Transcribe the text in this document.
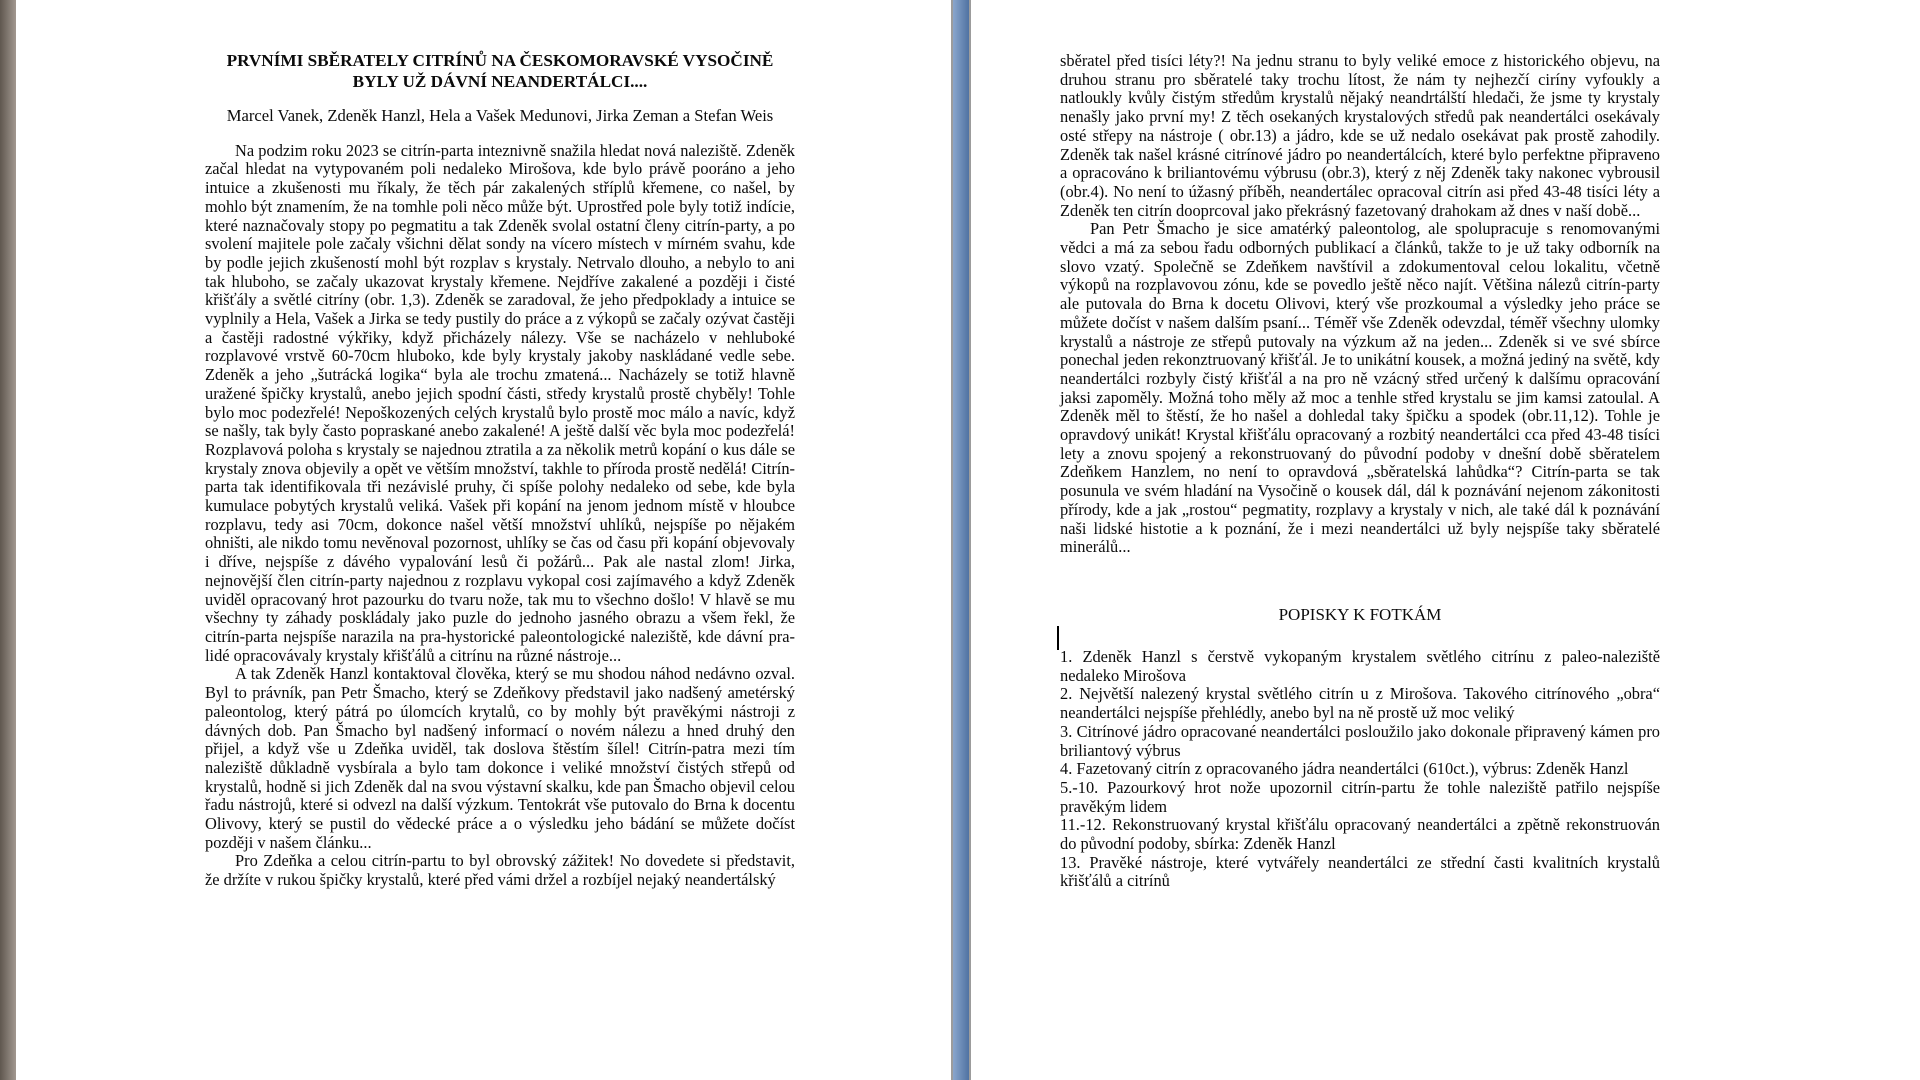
PRVNÍMI SBĚRATELY CITRÍNŮ NA ČESKOMORAVSKÉ VYSOČINĚ
BYLY UŽ DÁVNÍ NEANDERTÁLCI....
Marcel Vanek, Zdeněk Hanzl, Hela a Vašek Medunovi, Jirka Zeman a Stefan Weis

Na podzim roku 2023 se citrín-parta inteznivně snažila hledat nová naleziště. Zdeněk začal hledat na vytypovaném poli nedaleko Mirošova, kde bylo právě pooráno a jeho intuice a zkušenosti mu říkaly, že těch pár zakalených stříplů křemene, co našel, by mohlo být znamením, že na tomhle poli něco může být. Uprostřed pole byly totiž indície, které naznačovaly stopy po pegmatitu a tak Zdeněk svolal ostatní členy citrín-party, a po svolení majitele pole začaly všichni dělat sondy na vícero místech v mírném svahu, kde by podle jejich zkušeností mohl být rozplav s krystaly. Netrvalo dlouho, a nebylo to ani tak hluboho, se začaly ukazovat krystaly křemene. Nejdříve zakalené a později i čisté křišťály a světlé citríny (obr. 1,3). Zdeněk se zaradoval, že jeho předpoklady a intuice se vyplnily a Hela, Vašek a Jirka se tedy pustily do práce a z výkopů se začaly ozývat častěji a častěji radostné výkřiky, když přicházely nálezy. Vše se nacházelo v nehluboké rozplavové vrstvě 60-70cm hluboko, kde byly krystaly jakoby naskládané vedle sebe. Zdeněk a jeho „šutrácká logika“ byla ale trochu zmatená... Nacházely se totiž hlavně uražené špičky krystalů, anebo jejich spodní části, středy krystalů prostě chyběly! Tohle bylo moc podezřelé! Nepoškozených celých krystalů bylo prostě moc málo a navíc, když se našly, tak byly často popraskané anebo zakalené! A ještě další věc byla moc podezřelá! Rozplavová poloha s krystaly se najednou ztratila a za několik metrů kopání o kus dále se krystaly znova objevily a opět ve větším množství, takhle to příroda prostě nedělá! Citrín-parta tak identifikovala tři nezávislé pruhy, či spíše polohy nedaleko od sebe, kde byla kumulace pobytých krystalů veliká. Vašek při kopání na jenom jednom místě v hloubce rozplavu, tedy asi 70cm, dokonce našel větší množství uhlíků, nejspíše po nějakém ohništi, ale nikdo tomu nevěnoval pozornost, uhlíky se čas od času při kopání objevovaly i dříve, nejspíše z dávého vypalování lesů či požárů... Pak ale nastal zlom! Jirka, nejnovější člen citrín-party najednou z rozplavu vykopal cosi zajímavého a když Zdeněk uviděl opracovaný hrot pazourku do tvaru nože, tak mu to všechno došlo! V hlavě se mu všechny ty záhady poskládaly jako puzle do jednoho jasného obrazu a všem řekl, že citrín-parta nejspíše narazila na pra-hystorické paleontologické naleziště, kde dávní pra-lidé opracovávaly krystaly křišťálů a citrínu na různé nástroje...

A tak Zdeněk Hanzl kontaktoval člověka, který se mu shodou náhod nedávno ozval. Byl to právník, pan Petr Šmacho, který se Zdeňkovy představil jako nadšený ametérský paleontolog, který pátrá po úlomcích krytalů, co by mohly být pravěkými nástroji z dávných dob. Pan Šmacho byl nadšený informací o novém nálezu a hned druhý den přijel, a když vše u Zdeňka uviděl, tak doslova štěstím šílel! Citrín-patra mezi tím naleziště důkladně vysbírala a bylo tam dokonce i veliké množství čistých střepů od krystalů, hodně si jich Zdeněk dal na svou výstavní skalku, kde pan Šmacho objevil celou řadu nástrojů, které si odvezl na další výzkum. Tentokrát vše putovalo do Brna k docentu Olivovy, který se pustil do vědecké práce a o výsledku jeho bádání se můžete dočíst později v našem článku...

Pro Zdeňka a celou citrín-partu to byl obrovský zážitek! No dovedete si představit, že držíte v rukou špičky krystalů, které před vámi držel a rozbíjel nejaký neandertálský

sběratel před tisíci léty?! Na jednu stranu to byly veliké emoce z historického objevu, na druhou stranu pro sběratelé taky trochu lítost, že nám ty nejhezčí ciríny vyfoukly a natloukly kvůly čistým středům krystalů nějaký neandrtálští hledači, že jsme ty krystaly nenašly jako první my! Z těch osekaných krystalových středů pak neandertálci osekávaly osté střepy na nástroje ( obr.13) a jádro, kde se už nedalo osekávat pak prostě zahodily. Zdeněk tak našel krásné citrínové jádro po neandertálcích, které bylo perfektne připraveno a opracováno k briliantovému výbrusu (obr.3), který z něj Zdeněk taky nakonec vybrousil (obr.4). No není to úžasný příběh, neandertálec opracoval citrín asi před 43-48 tisíci léty a Zdeněk ten citrín dooprcoval jako překrásný fazetovaný drahokam až dnes v naší době...

Pan Petr Šmacho je sice amatérký paleontolog, ale spolupracuje s renomovanými vědci a má za sebou řadu odborných publikací a článků, takže to je už taky odborník na slovo vzatý. Společně se Zdeňkem navštívil a zdokumentoval celou lokalitu, včetně výkopů na rozplavovou zónu, kde se povedlo ještě něco najít. Většina nálezů citrín-party ale putovala do Brna k docetu Olivovi, který vše prozkoumal a výsledky jeho práce se můžete dočíst v našem dalším psaní... Téměř vše Zdeněk odevzdal, téměř všechny ulomky krystalů a nástroje ze střepů putovaly na výzkum až na jeden... Zdeněk si ve své sbírce ponechal jeden rekonztruovaný křišťál. Je to unikátní kousek, a možná jediný na světě, kdy neandertálci rozbyly čistý křišťál a na pro ně vzácný střed určený k dalšímu opracování jaksi zapoměly. Možná toho měly až moc a tenhle střed krystalu se jim kamsi zatoulal. A Zdeněk měl to štěstí, že ho našel a dohledal taky špičku a spodek (obr.11,12). Tohle je opravdový unikát! Krystal křišťálu opracovaný a rozbitý neandertálci cca před 43-48 tisíci lety a znovu spojený a rekonstruovaný do původní podoby v dnešní době sběratelem Zdeňkem Hanzlem, no není to opravdová „sběratelská lahůdka“? Citrín-parta se tak posunula ve svém hladání na Vysočině o kousek dál, dál k poznávání nejenom zákonitosti přírody, kde a jak „rostou“ pegmatity, rozplavy a krystaly v nich, ale také dál k poznávání naši lidské histotie a k poznání, že i mezi neandertálci už byly nejspíše taky sběratelé minerálů...

POPISKY K FOTKÁM

1. Zdeněk Hanzl s čerstvě vykopaným krystalem světlého citrínu z paleo-naleziště nedaleko Mirošova

2. Největší nalezený krystal světlého citrín u z Mirošova. Takového citrínového „obra“ neandertálci nejspíše přehlédly, anebo byl na ně prostě už moc veliký

3. Citrínové jádro opracované neandertálci posloužilo jako dokonale připravený kámen pro briliantový výbrus

4. Fazetovaný citrín z opracovaného jádra neandertálci (610ct.), výbrus: Zdeněk Hanzl

5.-10. Pazourkový hrot nože upozornil citrín-partu že tohle naleziště patřilo nejspíše pravěkým lidem

11.-12. Rekonstruovaný krystal křišťálu opracovaný neandertálci a zpětně rekonstruován do původní podoby, sbírka: Zdeněk Hanzl

13. Pravěké nástroje, které vytvářely neandertálci ze střední časti kvalitních krystalů křišťálů a citrínů
